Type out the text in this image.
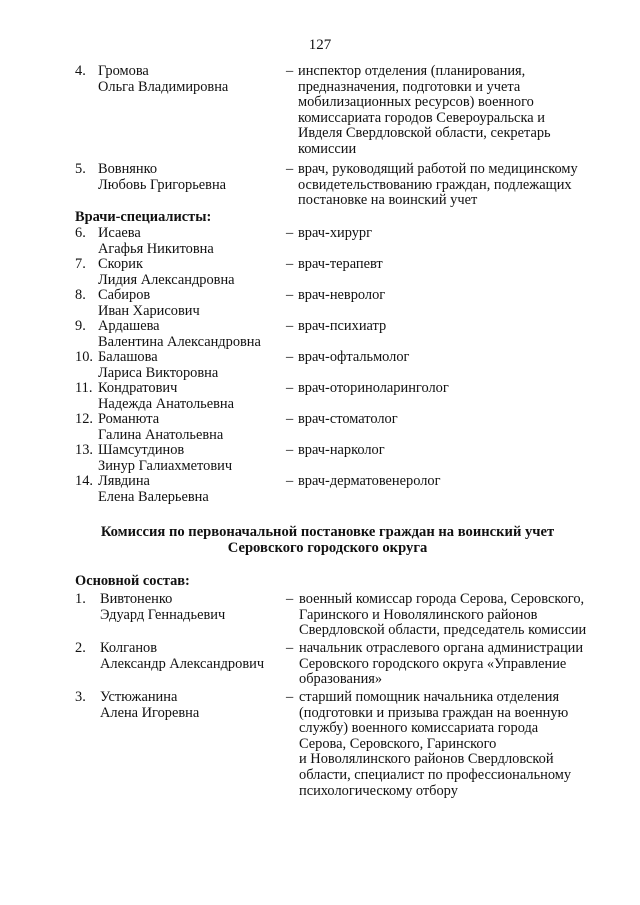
127
4. Громова
Ольга Владимировна
– инспектор отделения (планирования,
предназначения, подготовки и учета
мобилизационных ресурсов) военного
комиссариата городов Североуральска и
Ивделя Свердловской области, секретарь
комиссии
5. Вовнянко
Любовь Григорьевна
– врач, руководящий работой по медицинскому
освидетельствованию граждан, подлежащих
постановке на воинский учет
Врачи-специалисты:
6. Исаева
Агафья Никитовна
– врач-хирург
7. Скорик
Лидия Александровна
– врач-терапевт
8. Сабиров
Иван Харисович
– врач-невролог
9. Ардашева
Валентина Александровна
– врач-психиатр
10. Балашова
Лариса Викторовна
– врач-офтальмолог
11. Кондратович
Надежда Анатольевна
– врач-оториноларинголог
12. Романюта
Галина Анатольевна
– врач-стоматолог
13. Шамсутдинов
Зинур Галиахметович
– врач-нарколог
14. Лявдина
Елена Валерьевна
– врач-дерматовенеролог
Комиссия по первоначальной постановке граждан на воинский учет
Серовского городского округа
Основной состав:
1. Вивтоненко
Эдуард Геннадьевич
– военный комиссар города Серова, Серовского,
Гаринского и Новолялинского районов
Свердловской области, председатель комиссии
2. Колганов
Александр Александрович
– начальник отраслевого органа администрации
Серовского городского округа «Управление
образования»
3. Устюжанина
Алена Игоревна
– старший помощник начальника отделения
(подготовки и призыва граждан на военную
службу) военного комиссариата города
Серова, Серовского, Гаринского
и Новолялинского районов Свердловской
области, специалист по профессиональному
психологическому отбору
